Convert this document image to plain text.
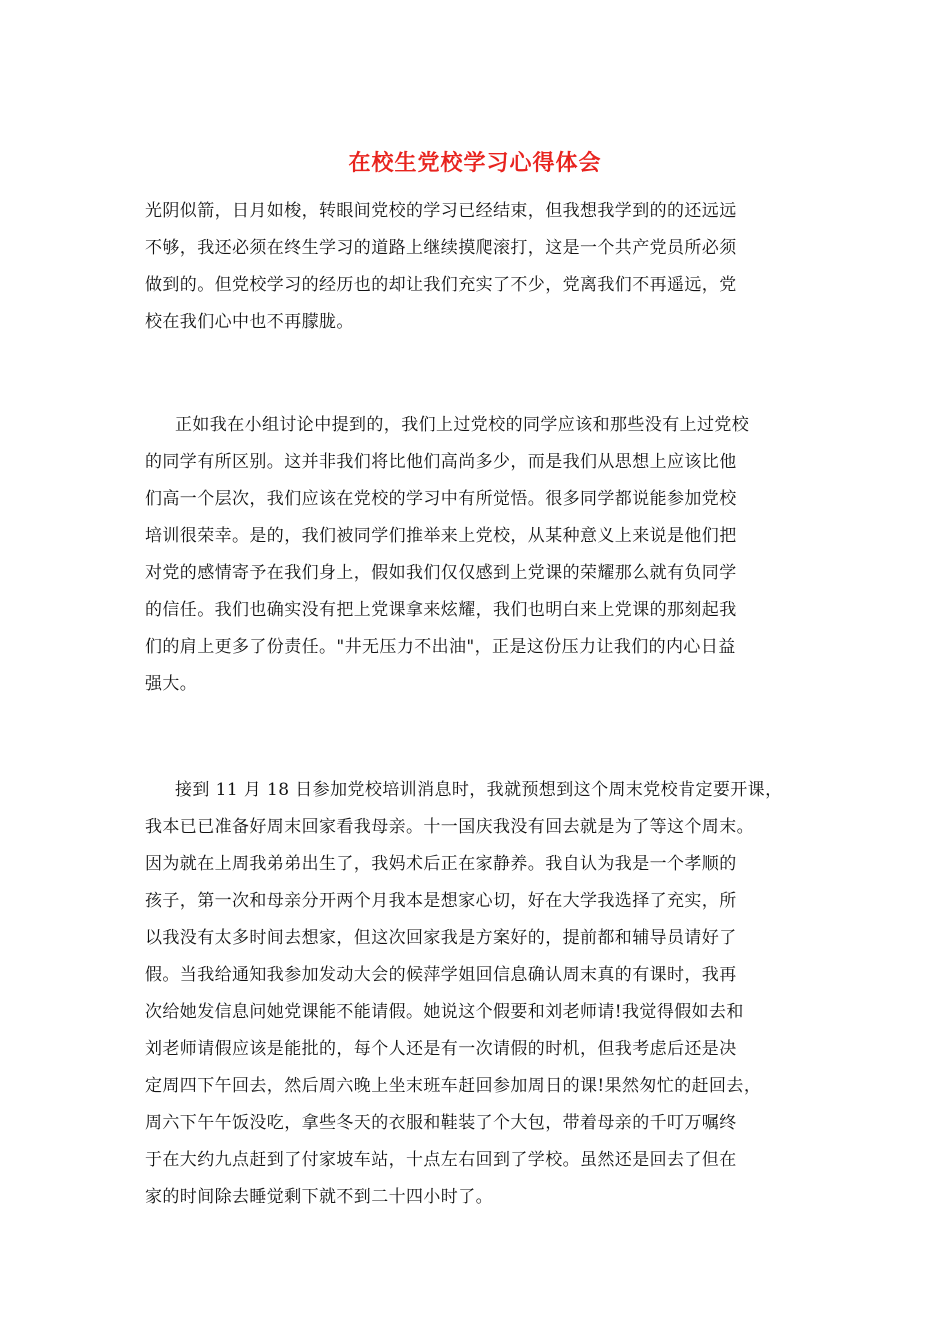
在校生党校学习心得体会
光阴似箭，日月如梭，转眼间党校的学习已经结束，但我想我学到的的还远远
不够，我还必须在终生学习的道路上继续摸爬滚打，这是一个共产党员所必须
做到的。但党校学习的经历也的却让我们充实了不少，党离我们不再遥远，党
校在我们心中也不再朦胧。
正如我在小组讨论中提到的，我们上过党校的同学应该和那些没有上过党校
的同学有所区别。这并非我们将比他们高尚多少，而是我们从思想上应该比他
们高一个层次，我们应该在党校的学习中有所觉悟。很多同学都说能参加党校
培训很荣幸。是的，我们被同学们推举来上党校，从某种意义上来说是他们把
对党的感情寄予在我们身上，假如我们仅仅感到上党课的荣耀那么就有负同学
的信任。我们也确实没有把上党课拿来炫耀，我们也明白来上党课的那刻起我
们的肩上更多了份责任。"井无压力不出油"，正是这份压力让我们的内心日益
强大。
接到 11 月 18 日参加党校培训消息时，我就预想到这个周末党校肯定要开课，
我本已已准备好周末回家看我母亲。十一国庆我没有回去就是为了等这个周末。
因为就在上周我弟弟出生了，我妈术后正在家静养。我自认为我是一个孝顺的
孩子，第一次和母亲分开两个月我本是想家心切，好在大学我选择了充实，所
以我没有太多时间去想家，但这次回家我是方案好的，提前都和辅导员请好了
假。当我给通知我参加发动大会的候萍学姐回信息确认周末真的有课时，我再
次给她发信息问她党课能不能请假。她说这个假要和刘老师请!我觉得假如去和
刘老师请假应该是能批的，每个人还是有一次请假的时机，但我考虑后还是决
定周四下午回去，然后周六晚上坐末班车赶回参加周日的课!果然匆忙的赶回去，
周六下午午饭没吃，拿些冬天的衣服和鞋装了个大包，带着母亲的千叮万嘱终
于在大约九点赶到了付家坡车站，十点左右回到了学校。虽然还是回去了但在
家的时间除去睡觉剩下就不到二十四小时了。
